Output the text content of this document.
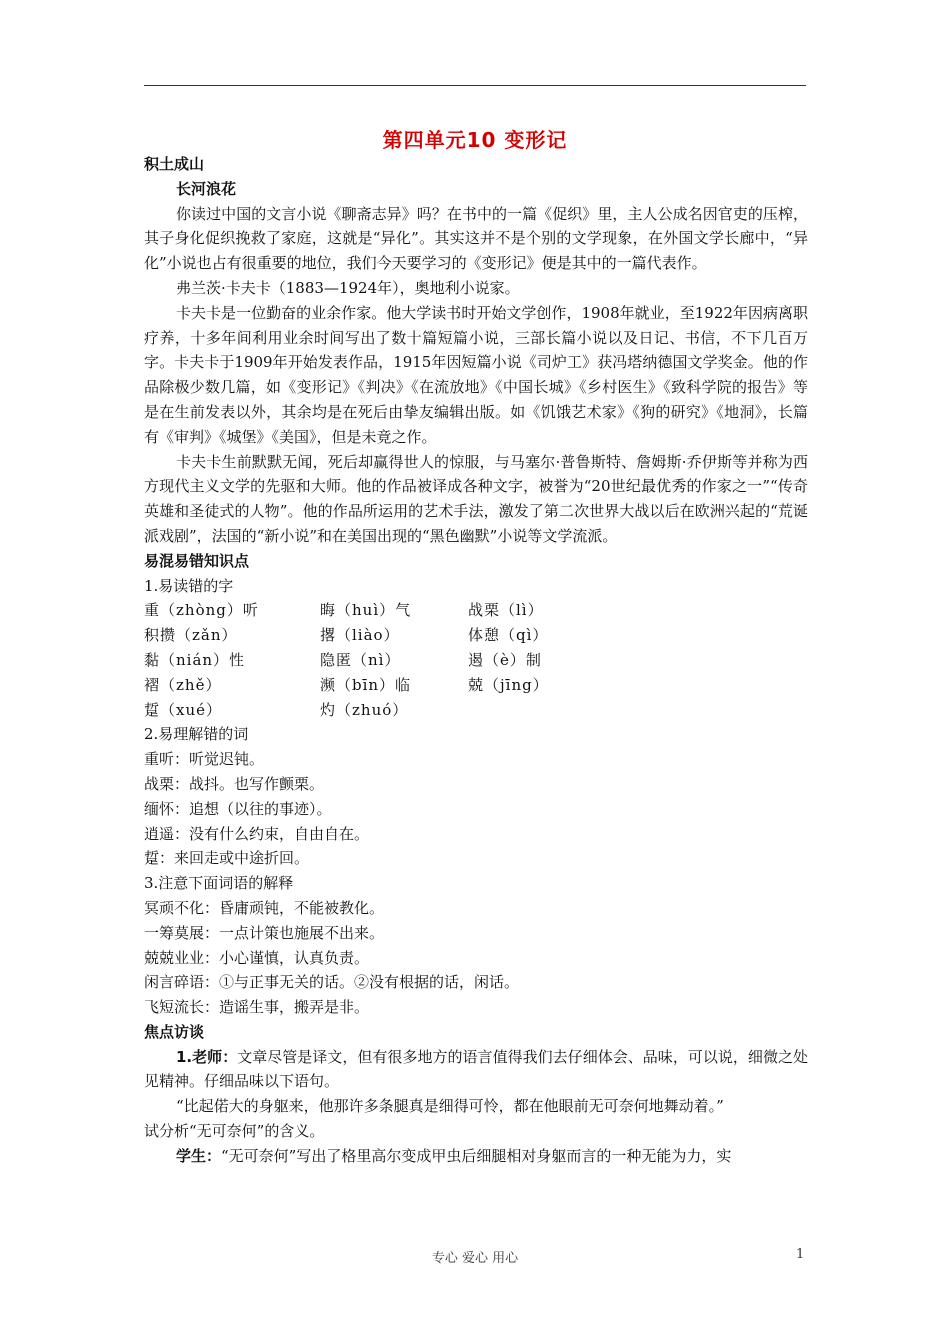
第四单元10 变形记

积土成山

长河浪花

你读过中国的文言小说《聊斋志异》吗？在书中的一篇《促织》里，主人公成名因官吏的压榨，其子身化促织挽救了家庭，这就是“异化”。其实这并不是个别的文学现象，在外国文学长廊中，“异化”小说也占有很重要的地位，我们今天要学习的《变形记》便是其中的一篇代表作。

弗兰茨·卡夫卡（1883—1924年），奥地利小说家。

卡夫卡是一位勤奋的业余作家。他大学读书时开始文学创作，1908年就业，至1922年因病离职疗养，十多年间利用业余时间写出了数十篇短篇小说，三部长篇小说以及日记、书信，不下几百万字。卡夫卡于1909年开始发表作品，1915年因短篇小说《司炉工》获冯塔纳德国文学奖金。他的作品除极少数几篇，如《变形记》《判决》《在流放地》《中国长城》《乡村医生》《致科学院的报告》等是在生前发表以外，其余均是在死后由挚友编辑出版。如《饥饿艺术家》《狗的研究》《地洞》，长篇有《审判》《城堡》《美国》，但是未竟之作。

卡夫卡生前默默无闻，死后却赢得世人的惊服，与马塞尔·普鲁斯特、詹姆斯·乔伊斯等并称为西方现代主义文学的先驱和大师。他的作品被译成各种文字，被誉为“20世纪最优秀的作家之一”“传奇英雄和圣徒式的人物”。他的作品所运用的艺术手法，激发了第二次世界大战以后在欧洲兴起的“荒诞派戏剧”，法国的“新小说”和在美国出现的“黑色幽默”小说等文学流派。

易混易错知识点

1.易读错的字

重（zhòng）听	晦（huì）气	战栗（lì）
积攒（zǎn）	撂（liào）	体憩（qì）
黏（nián）性	隐匿（nì）	遏（è）制
褶（zhě）	濒（bīn）临	兢（jīng）
踅（xué）	灼（zhuó）

2.易理解错的词

重听：听觉迟钝。

战栗：战抖。也写作颤栗。

缅怀：追想（以往的事迹）。

逍遥：没有什么约束，自由自在。

踅：来回走或中途折回。

3.注意下面词语的解释

冥顽不化：昏庸顽钝，不能被教化。

一筹莫展：一点计策也施展不出来。

兢兢业业：小心谨慎，认真负责。

闲言碎语：①与正事无关的话。②没有根据的话，闲话。

飞短流长：造谣生事，搬弄是非。

焦点访谈

1.老师：文章尽管是译文，但有很多地方的语言值得我们去仔细体会、品味，可以说，细微之处见精神。仔细品味以下语句。

“比起偌大的身躯来，他那许多条腿真是细得可怜，都在他眼前无可奈何地舞动着。”

试分析“无可奈何”的含义。

学生：“无可奈何”写出了格里高尔变成甲虫后细腿相对身躯而言的一种无能为力，实

专心 爱心 用心	1
